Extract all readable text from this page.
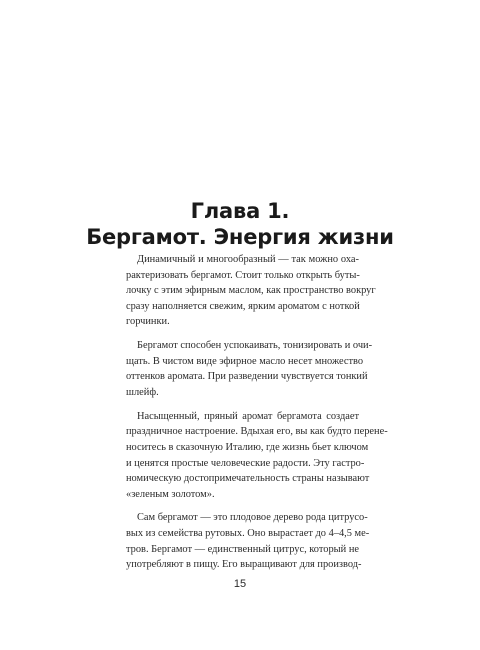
Глава 1.
Бергамот. Энергия жизни
Динамичный и многообразный — так можно оха-
рактеризовать бергамот. Стоит только открыть буты-
лочку с этим эфирным маслом, как пространство вокруг
сразу наполняется свежим, ярким ароматом с ноткой
горчинки.
Бергамот способен успокаивать, тонизировать и очи-
щать. В чистом виде эфирное масло несет множество
оттенков аромата. При разведении чувствуется тонкий
шлейф.
Насыщенный, пряный аромат бергамота создает
праздничное настроение. Вдыхая его, вы как будто перене-
носитесь в сказочную Италию, где жизнь бьет ключом
и ценятся простые человеческие радости. Эту гастро-
номическую достопримечательность страны называют
«зеленым золотом».
Сам бергамот — это плодовое дерево рода цитрусо-
вых из семейства рутовых. Оно вырастает до 4–4,5 ме-
тров. Бергамот — единственный цитрус, который не
употребляют в пищу. Его выращивают для производ-
15
